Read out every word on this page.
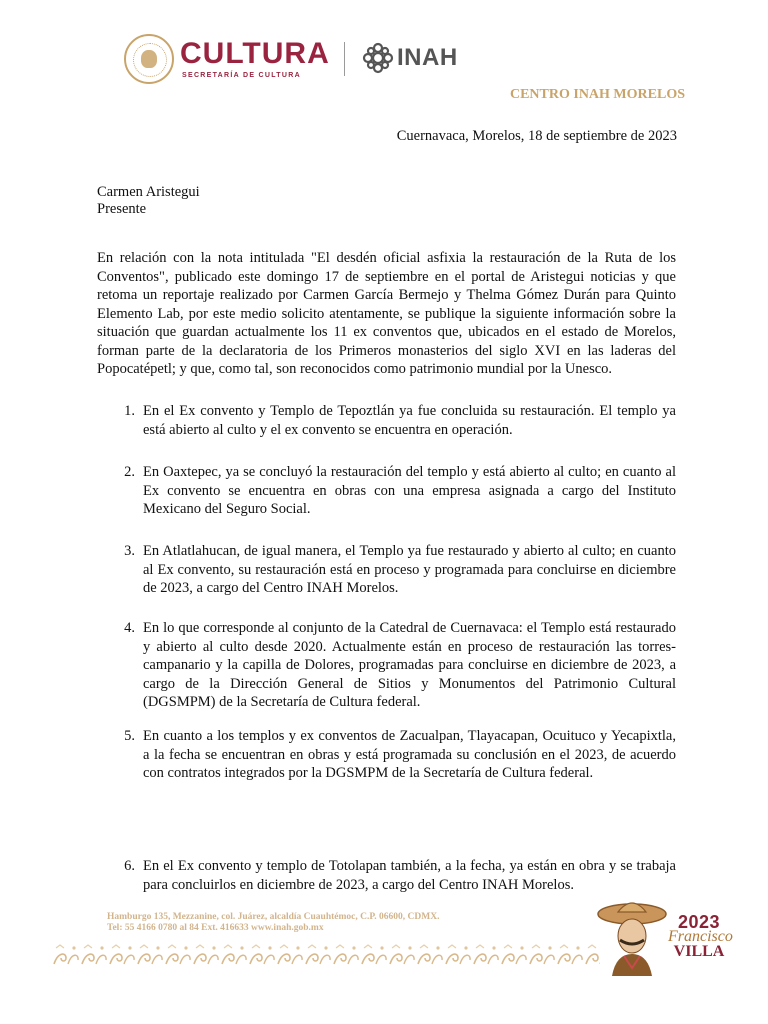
CULTURA
SECRETARÍA DE CULTURA
INAH
CENTRO INAH MORELOS
Cuernavaca, Morelos, 18 de septiembre de 2023
Carmen Aristegui
Presente
En relación con la nota intitulada "El desdén oficial asfixia la restauración de la Ruta de los Conventos", publicado este domingo 17 de septiembre en el portal de Aristegui noticias y que retoma un reportaje realizado por Carmen García Bermejo y Thelma Gómez Durán para Quinto Elemento Lab, por este medio solicito atentamente, se publique la siguiente información sobre la situación que guardan actualmente los 11 ex conventos que, ubicados en el estado de Morelos, forman parte de la declaratoria de los Primeros monasterios del siglo XVI en las laderas del Popocatépetl; y que, como tal, son reconocidos como patrimonio mundial por la Unesco.
1. En el Ex convento y Templo de Tepoztlán ya fue concluida su restauración. El templo ya está abierto al culto y el ex convento se encuentra en operación.
2. En Oaxtepec, ya se concluyó la restauración del templo y está abierto al culto; en cuanto al Ex convento se encuentra en obras con una empresa asignada a cargo del Instituto Mexicano del Seguro Social.
3. En Atlatlahucan, de igual manera, el Templo ya fue restaurado y abierto al culto; en cuanto al Ex convento, su restauración está en proceso y programada para concluirse en diciembre de 2023, a cargo del Centro INAH Morelos.
4. En lo que corresponde al conjunto de la Catedral de Cuernavaca: el Templo está restaurado y abierto al culto desde 2020. Actualmente están en proceso de restauración las torres-campanario y la capilla de Dolores, programadas para concluirse en diciembre de 2023, a cargo de la Dirección General de Sitios y Monumentos del Patrimonio Cultural (DGSMPM) de la Secretaría de Cultura federal.
5. En cuanto a los templos y ex conventos de Zacualpan, Tlayacapan, Ocuituco y Yecapixtla, a la fecha se encuentran en obras y está programada su conclusión en el 2023, de acuerdo con contratos integrados por la DGSMPM de la Secretaría de Cultura federal.
6. En el Ex convento y templo de Totolapan también, a la fecha, ya están en obra y se trabaja para concluirlos en diciembre de 2023, a cargo del Centro INAH Morelos.
Hamburgo 135, Mezzanine, col. Juárez, alcaldía Cuauhtémoc, C.P. 06600, CDMX.
Tel: 55 4166 0780 al 84 Ext. 416633 www.inah.gob.mx	2023
Francisco
VILLA
